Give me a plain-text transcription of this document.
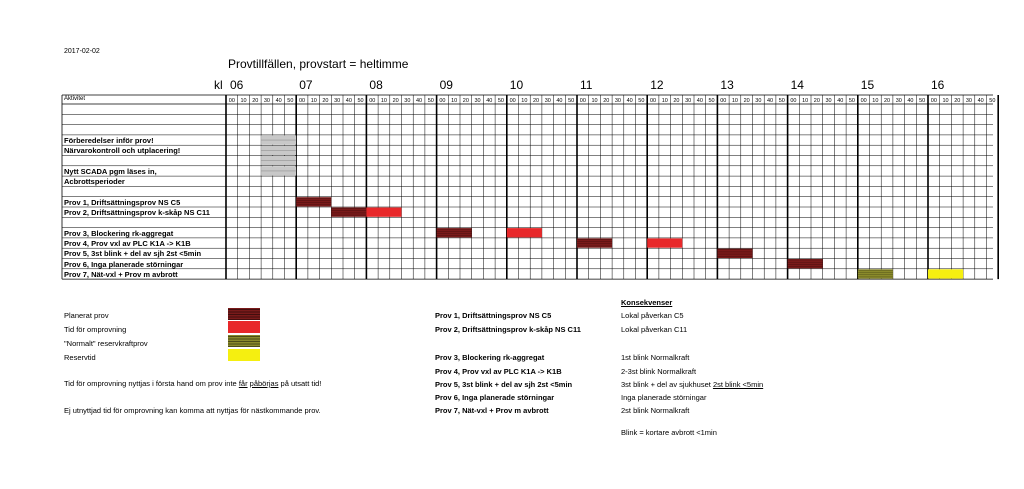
2017-02-02
Provtillfällen, provstart = heltimme
00 10 20 30 40 50 00 10 20 30 40 50 00 10 20 30 40 50 00 10 20 30 40 50 00 10 20 30 40 50 00 10 20 30 40 50 00 10 20 30 40 50 00 10 20 30 40 50 00 10 20 30 40 50 00 10 20 30 40 50 00 10 20 30 40 50
Förberedelser inför prov!
Närvarokontroll och utplacering!
Nytt SCADA pgm läses in,
Acbrottsperioder
Prov 1, Driftsättningsprov NS C5
Prov 2, Driftsättningsprov k-skåp NS C11
Prov 3, Blockering rk-aggregat
Prov 4, Prov vxl av PLC K1A -> K1B
Prov 5, 3st blink + del av sjh 2st <5min
Prov 6, Inga planerade störningar
Prov 7, Nät-vxl + Prov m avbrott
kl 06	07	08	09	10	11	12	13	14	15	16
Aktivitet
Planerat prov
Tid för omprovning
"Normalt" reservkraftprov
Reservtid
Tid för omprovning nyttjas i första hand om prov inte får påbörjas på utsatt tid!
Ej utnyttjad tid för omprovning kan komma att nyttjas för nästkommande prov.
Konsekvenser
Prov 1, Driftsättningsprov NS C5	Lokal påverkan C5
Prov 2, Driftsättningsprov k-skåp NS C11	Lokal påverkan C11
Prov 3, Blockering rk-aggregat	1st blink Normalkraft
Prov 4, Prov vxl av PLC K1A -> K1B	2-3st blink Normalkraft
Prov 5, 3st blink + del av sjh 2st <5min	3st blink + del av sjukhuset 2st blink <5min
Prov 6, Inga planerade störningar	Inga planerade störningar
Prov 7, Nät-vxl + Prov m avbrott	2st blink Normalkraft
Blink = kortare avbrott <1min
